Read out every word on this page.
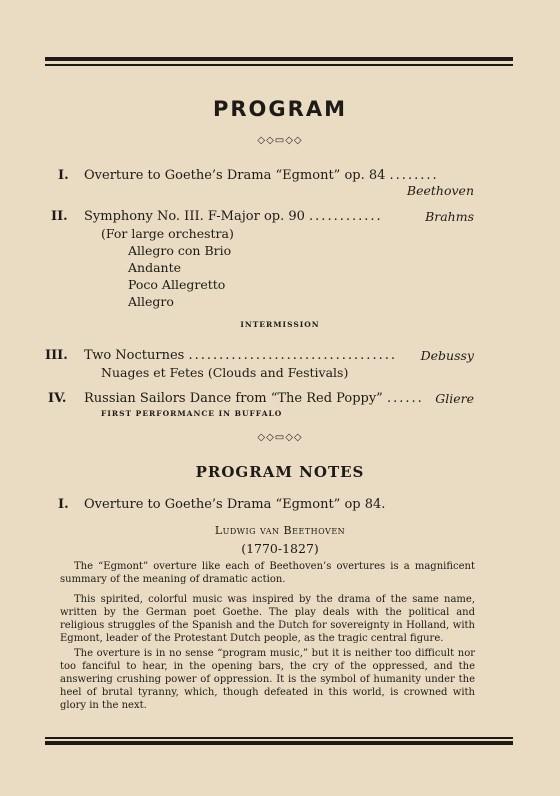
PROGRAM
◇◇▭◇◇
I. Overture to Goethe’s Drama “Egmont” op. 84 ........
Beethoven
II. Symphony No. III. F-Major op. 90 ............	Brahms
(For large orchestra)
Allegro con Brio
Andante
Poco Allegretto
Allegro
INTERMISSION
III. Two Nocturnes .................................. Debussy
Nuages et Fetes (Clouds and Festivals)
IV. Russian Sailors Dance from “The Red Poppy” ...... Gliere
FIRST PERFORMANCE IN BUFFALO
◇◇▭◇◇
PROGRAM NOTES
I. Overture to Goethe’s Drama “Egmont” op 84.
Ludwig van Beethoven
(1770-1827)

The “Egmont” overture like each of Beethoven’s overtures is a magnificent summary of the meaning of dramatic action.

This spirited, colorful music was inspired by the drama of the same name, written by the German poet Goethe. The play deals with the political and religious struggles of the Spanish and the Dutch for sovereignty in Holland, with Egmont, leader of the Protestant Dutch people, as the tragic central figure.

The overture is in no sense “program music,” but it is neither too difficult nor too fanciful to hear, in the opening bars, the cry of the oppressed, and the answering crushing power of oppression. It is the symbol of humanity under the heel of brutal tyranny, which, though defeated in this world, is crowned with glory in the next.
